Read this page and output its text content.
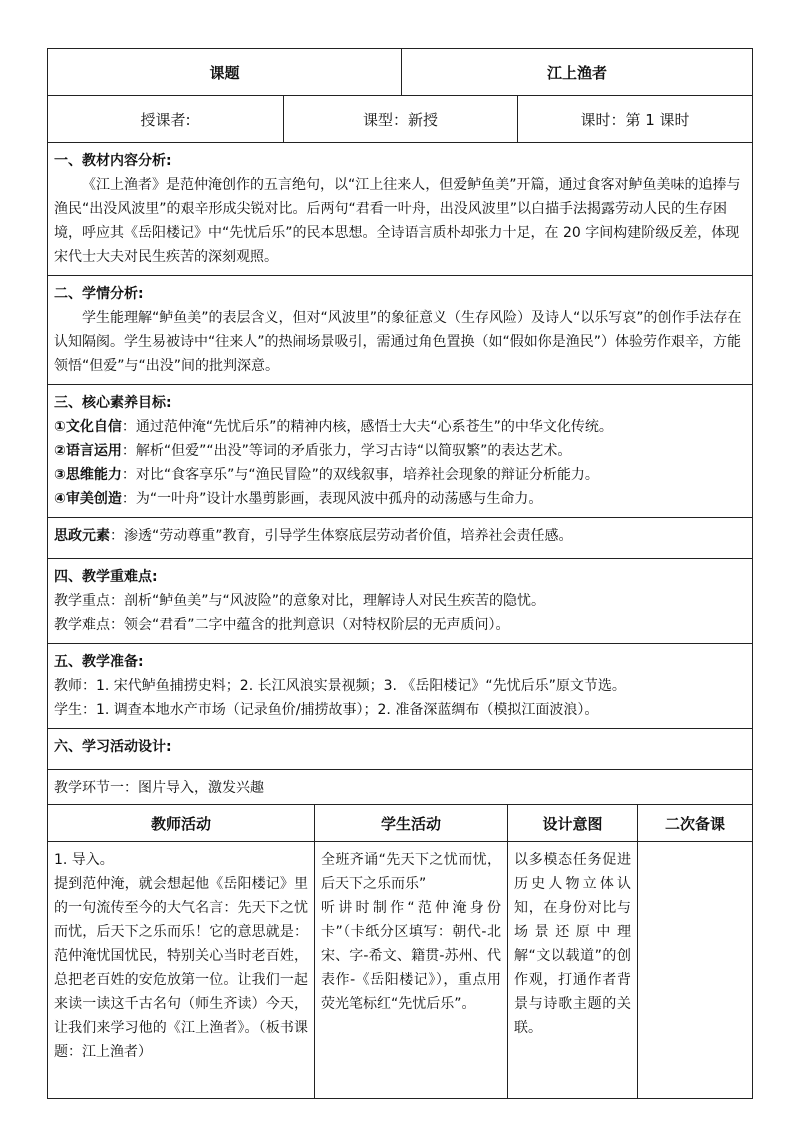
课题		江上渔者	
授课者:	课型：新授		课时：第 1 课时

一、教材内容分析:

《江上渔者》是范仲淹创作的五言绝句，以“江上往来人，但爱鲈鱼美”开篇，通过食客对鲈鱼美味的追捧与渔民“出没风波里”的艰辛形成尖锐对比。后两句“君看一叶舟，出没风波里”以白描手法揭露劳动人民的生存困境，呼应其《岳阳楼记》中“先忧后乐”的民本思想。全诗语言质朴却张力十足，在 20 字间构建阶级反差，体现宋代士大夫对民生疾苦的深刻观照。			

二、学情分析:

学生能理解“鲈鱼美”的表层含义，但对“风波里”的象征意义（生存风险）及诗人“以乐写哀”的创作手法存在认知隔阂。学生易被诗中“往来人”的热闹场景吸引，需通过角色置换（如“假如你是渔民”）体验劳作艰辛，方能领悟“但爱”与“出没”间的批判深意。			

三、核心素养目标:

①文化自信：通过范仲淹“先忧后乐”的精神内核，感悟士大夫“心系苍生”的中华文化传统。

②语言运用：解析“但爱”“出没”等词的矛盾张力，学习古诗“以简驭繁”的表达艺术。

③思维能力：对比“食客享乐”与“渔民冒险”的双线叙事，培养社会现象的辩证分析能力。

④审美创造：为“一叶舟”设计水墨剪影画，表现风波中孤舟的动荡感与生命力。			

思政元素：渗透“劳动尊重”教育，引导学生体察底层劳动者价值，培养社会责任感。			

四、教学重难点:

教学重点：剖析“鲈鱼美”与“风波险”的意象对比，理解诗人对民生疾苦的隐忧。

教学难点：领会“君看”二字中蕴含的批判意识（对特权阶层的无声质问）。			

五、教学准备:

教师：1. 宋代鲈鱼捕捞史料；2. 长江风浪实景视频；3. 《岳阳楼记》“先忧后乐”原文节选。

学生：1. 调查本地水产市场（记录鱼价/捕捞故事）；2. 准备深蓝绸布（模拟江面波浪）。			

六、学习活动设计:			

教学环节一：图片导入，激发兴趣			
教师活动	学生活动	设计意图	二次备课
1. 导入。
提到范仲淹，就会想起他《岳阳楼记》里的一句流传至今的大气名言：先天下之忧而忧，后天下之乐而乐！它的意思就是：范仲淹忧国忧民，特别关心当时老百姓，总把老百姓的安危放第一位。让我们一起来读一读这千古名句（师生齐读）今天，让我们来学习他的《江上渔者》。（板书课题：江上渔者）	全班齐诵“先天下之忧而忧，后天下之乐而乐”
听讲时制作“范仲淹身份卡”（卡纸分区填写：朝代-北宋、字-希文、籍贯-苏州、代表作-《岳阳楼记》），重点用荧光笔标红“先忧后乐”。	以多模态任务促进历史人物立体认知，在身份对比与场景还原中理解“文以载道”的创作观，打通作者背景与诗歌主题的关联。	
